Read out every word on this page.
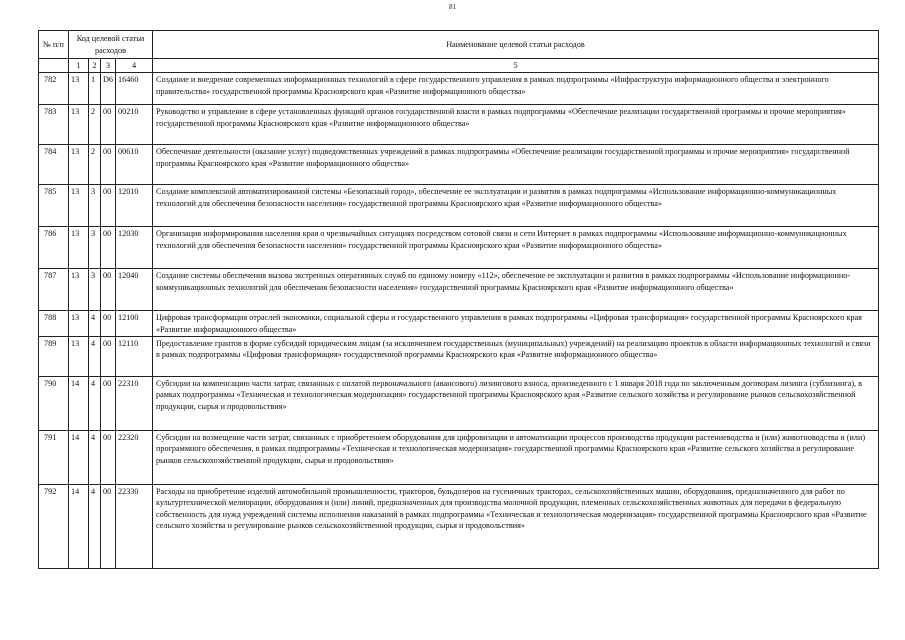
81
№ п/п	Код целевой статьи расходов				Наименование целевой статьи расходов
	1	2	3	4	5
782	13	1	D6	16460	Создание и внедрение современных информационных технологий в сфере государственного управления в рамках подпрограммы «Инфраструктура информационного общества и электронного правительства» государственной программы Красноярского края «Развитие информационного общества»
783	13	2	00	00210	Руководство и управление в сфере установленных функций органов государственной власти в рамках подпрограммы «Обеспечение реализации государственной программы и прочие мероприятия» государственной программы Красноярского края «Развитие информационного общества»
784	13	2	00	00610	Обеспечение деятельности (оказание услуг) подведомственных учреждений в рамках подпрограммы «Обеспечение реализации государственной программы и прочие мероприятия» государственной программы Красноярского края «Развитие информационного общества»
785	13	3	00	12010	Создание комплексной автоматизированной системы «Безопасный город», обеспечение ее эксплуатации и развития в рамках подпрограммы «Использование информационно-коммуникационных технологий для обеспечения безопасности населения» государственной программы Красноярского края «Развитие информационного общества»
786	13	3	00	12030	Организация информирования населения края о чрезвычайных ситуациях посредством сотовой связи и сети Интернет в рамках подпрограммы «Использование информационно-коммуникационных технологий для обеспечения безопасности населения» государственной программы Красноярского края «Развитие информационного общества»
787	13	3	00	12040	Создание системы обеспечения вызова экстренных оперативных служб по единому номеру «112», обеспечение ее эксплуатации и развития в рамках подпрограммы «Использование информационно-коммуникационных технологий для обеспечения безопасности населения» государственной программы Красноярского края «Развитие информационного общества»
788	13	4	00	12100	Цифровая трансформация отраслей экономики, социальной сферы и государственного управления в рамках подпрограммы «Цифровая трансформация» государственной программы Красноярского края «Развитие информационного общества»
789	13	4	00	12110	Предоставление грантов в форме субсидий юридическим лицам (за исключением государственных (муниципальных) учреждений) на реализацию проектов в области информационных технологий и связи в рамках подпрограммы «Цифровая трансформация» государственной программы Красноярского края «Развитие информационного общества»
790	14	4	00	22310	Субсидии на компенсацию части затрат, связанных с оплатой первоначального (авансового) лизингового взноса, произведенного с 1 января 2018 года по заключенным договорам лизинга (сублизинга), в рамках подпрограммы «Техническая и технологическая модернизация» государственной программы Красноярского края «Развитие сельского хозяйства и регулирование рынков сельскохозяйственной продукции, сырья и продовольствия»
791	14	4	00	22320	Субсидии на возмещение части затрат, связанных с приобретением оборудования для цифровизации и автоматизации процессов производства продукции растениеводства и (или) животноводства и (или) программного обеспечения, в рамках подпрограммы «Техническая и технологическая модернизация» государственной программы Красноярского края «Развитие сельского хозяйства и регулирование рынков сельскохозяйственной продукции, сырья и продовольствия»
792	14	4	00	22330	Расходы на приобретение изделий автомобильной промышленности, тракторов, бульдозеров на гусеничных тракторах, сельскохозяйственных машин, оборудования, предназначенного для работ по культуртехнической мелиорации, оборудования и (или) линий, предназначенных для производства молочной продукции, племенных сельскохозяйственных животных для передачи в федеральную собственность для нужд учреждений системы исполнения наказаний в рамках подпрограммы «Техническая и технологическая модернизация» государственной программы Красноярского края «Развитие сельского хозяйства и регулирование рынков сельскохозяйственной продукции, сырья и продовольствия»
